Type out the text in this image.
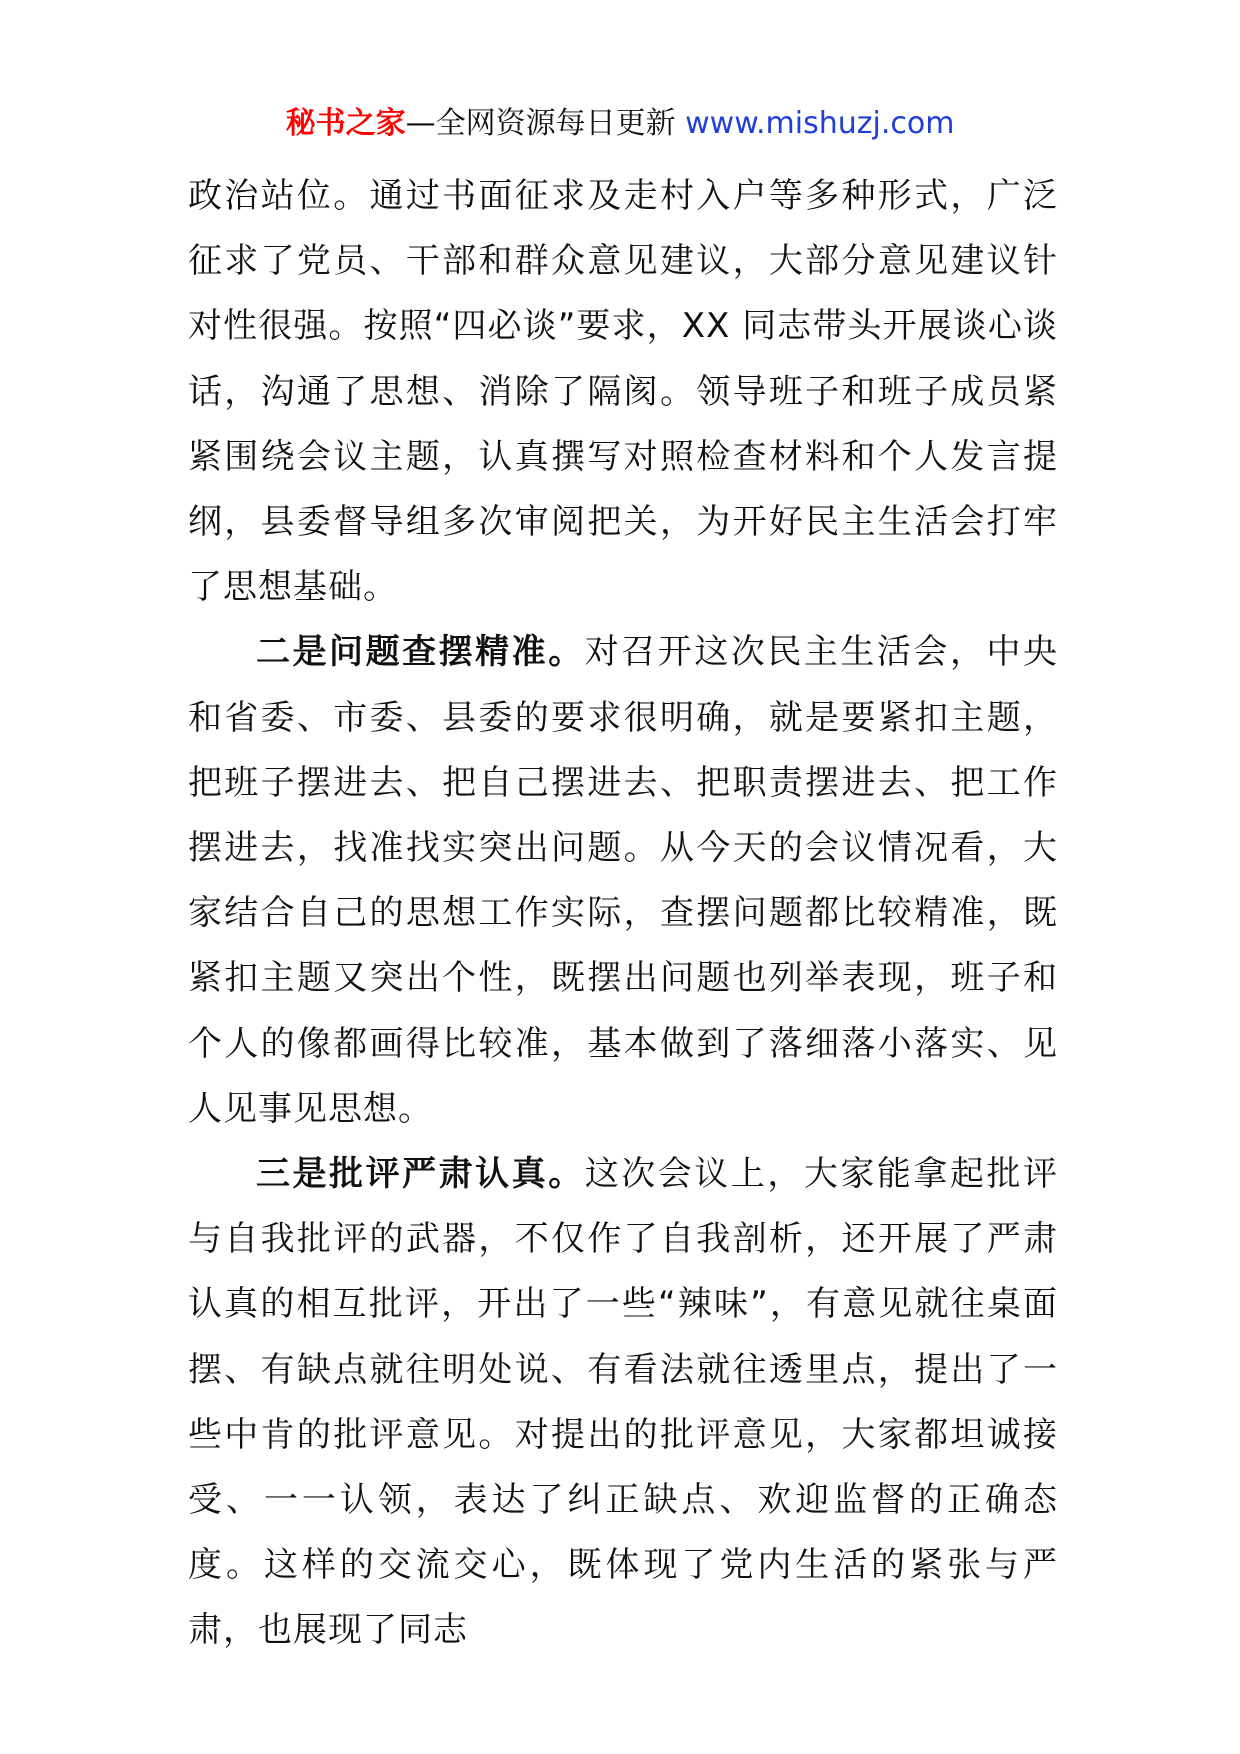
秘书之家—全网资源每日更新 www.mishuzj.com

政治站位。通过书面征求及走村入户等多种形式，广泛征求了党员、干部和群众意见建议，大部分意见建议针对性很强。按照“四必谈”要求，XX 同志带头开展谈心谈话，沟通了思想、消除了隔阂。领导班子和班子成员紧紧围绕会议主题，认真撰写对照检查材料和个人发言提纲，县委督导组多次审阅把关，为开好民主生活会打牢了思想基础。

二是问题查摆精准。对召开这次民主生活会，中央和省委、市委、县委的要求很明确，就是要紧扣主题，把班子摆进去、把自己摆进去、把职责摆进去、把工作摆进去，找准找实突出问题。从今天的会议情况看，大家结合自己的思想工作实际，查摆问题都比较精准，既紧扣主题又突出个性，既摆出问题也列举表现，班子和个人的像都画得比较准，基本做到了落细落小落实、见人见事见思想。

三是批评严肃认真。这次会议上，大家能拿起批评与自我批评的武器，不仅作了自我剖析，还开展了严肃认真的相互批评，开出了一些“辣味”，有意见就往桌面摆、有缺点就往明处说、有看法就往透里点，提出了一些中肯的批评意见。对提出的批评意见，大家都坦诚接受、一一认领，表达了纠正缺点、欢迎监督的正确态度。这样的交流交心，既体现了党内生活的紧张与严肃，也展现了同志
